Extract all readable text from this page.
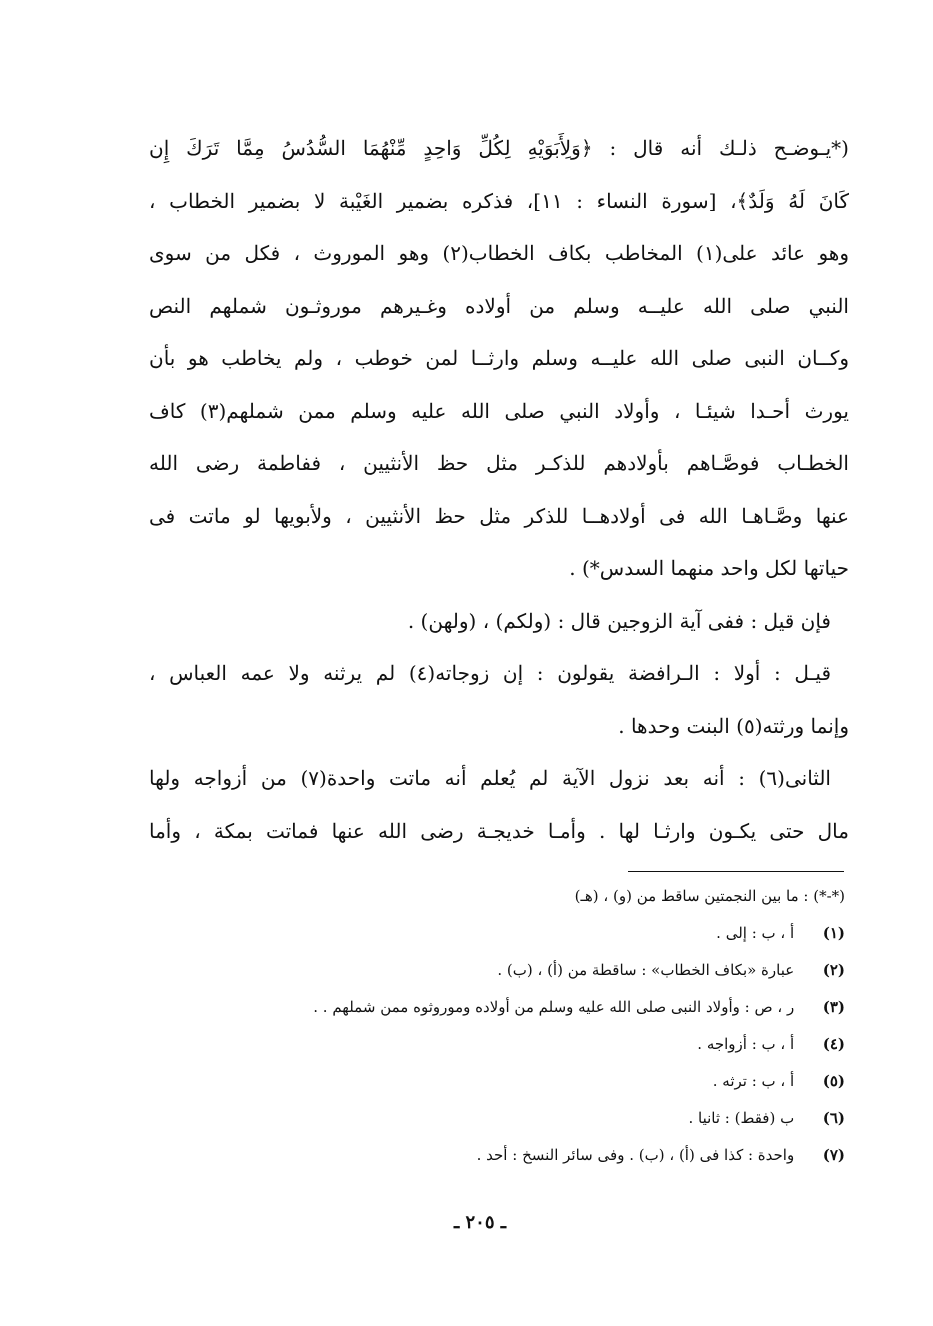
(*يـوضـح ذلـك أنه قال : ﴿وَلِأَبَوَيْهِ لِكُلِّ وَاحِدٍ مِّنْهُمَا السُّدُسُ مِمَّا تَرَكَ إِن
كَانَ لَهُ وَلَدٌ﴾، [سورة النساء : ١١]، فذكره بضمير الغَيْبة لا بضمير الخطاب ،
وهو عائد على(١) المخاطب بكاف الخطاب(٢) وهو الموروث ، فكل من سوى
النبي صلى الله عليــه وسلم من أولاده وغـيرهم موروثـون شملهم النص
وكــان النبى صلى الله عليــه وسلم وارثــا لمن خوطب ، ولم يخاطب هو بأن
يورث أحـدا شيئـا ، وأولاد النبي صلى الله عليه وسلم ممن شملهم(٣) كاف
الخطـاب فوصَّـاهم بأولادهم للذكـر مثل حظ الأنثيين ، ففاطمة رضى الله
عنها وصَّـاهـا الله فى أولادهــا للذكر مثل حظ الأنثيين ، ولأبويها لو ماتت فى
حياتها لكل واحد منهما السدس*) .
فإن قيل : ففى آية الزوجين قال : (ولكم) ، (ولهن) .
قيـل : أولا : الـرافضة يقولون : إن زوجاته(٤) لم يرثنه ولا عمه العباس ،
وإنما ورثته(٥) البنت وحدها .
الثانى(٦) : أنه بعد نزول الآية لم يُعلم أنه ماتت واحدة(٧) من أزواجه ولها
مال حتى يكـون وارثـا لها . وأمـا خديجـة رضى الله عنها فماتت بمكة ، وأما
(*-*) : ما بين النجمتين ساقط من (و) ، (هـ)
(١) أ ، ب : إلى .
(٢) عبارة «بكاف الخطاب» : ساقطة من (أ) ، (ب) .
(٣) ر ، ص : وأولاد النبى صلى الله عليه وسلم من أولاده وموروثوه ممن شملهم . .
(٤) أ ، ب : أزواجه .
(٥) أ ، ب : ترثه .
(٦) ب (فقط) : ثانيا .
(٧) واحدة : كذا فى (أ) ، (ب) . وفى سائر النسخ : أحد .
ـ ٢٠٥ ـ
